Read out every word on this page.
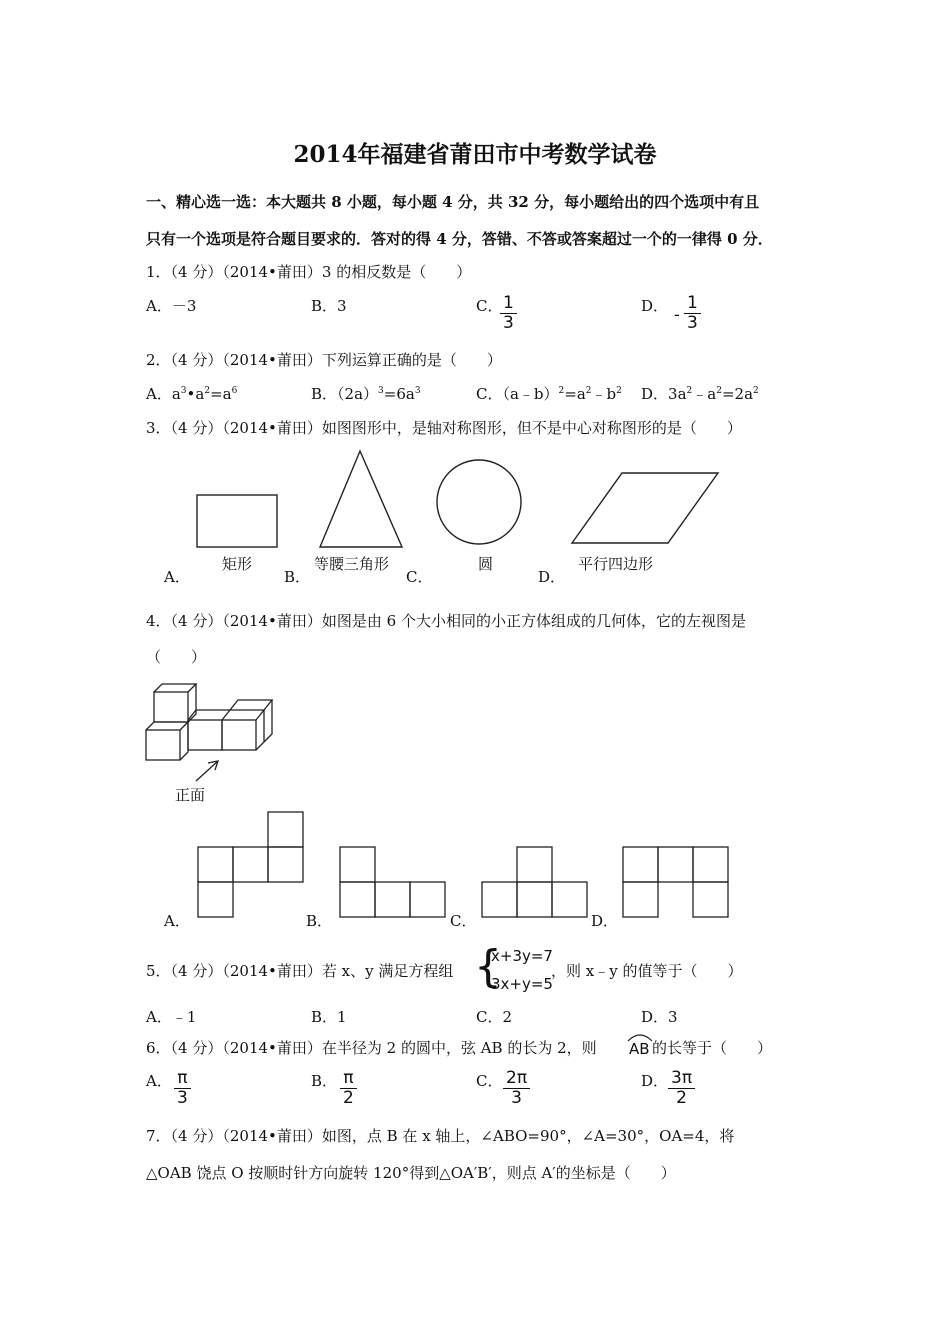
2014年福建省莆田市中考数学试卷
一、精心选一选：本大题共 8 小题，每小题 4 分，共 32 分，每小题给出的四个选项中有且
只有一个选项是符合题目要求的．答对的得 4 分，答错、不答或答案超过一个的一律得 0 分．
1．（4 分）（2014•莆田）3 的相反数是（　　）
A．－3	B．3	C． 1
3
D． -
1
3
2．（4 分）（2014•莆田）下列运算正确的是（　　）
A．$a^3•a^2=a^6$	B．$(2a)^3=6a^3$	C．$(a﹣b)^2=a^2﹣b^2$ D．$3a^2﹣a^2=2a^2$
3．（4 分）（2014•莆田）如图图形中，是轴对称图形，但不是中心对称图形的是（　　）
矩形	等腰三角形	圆	平行四边形
A．	B．	C．	D．
4．（4 分）（2014•莆田）如图是由 6 个大小相同的小正方体组成的几何体，它的左视图是
（　　）
正面
A．	B．	C．	D．
5．（4 分）（2014•莆田）若 x、y 满足方程组 {
x+3y=7
3x+y=5
，则 x﹣y 的值等于（　　）
A．﹣1	B．1	C．2	D．3
6．（4 分）（2014•莆田）在半径为 2 的圆中，弦 AB 的长为 2，则 AB 的长等于（　　）
A． π
3
B． π
2
C． 2π
3
D． 3π
2
7．（4 分）（2014•莆田）如图，点 B 在 x 轴上，∠ABO=90°，∠A=30°，OA=4，将
△OAB 饶点 O 按顺时针方向旋转 120°得到△OA′B′，则点 A′的坐标是（　　）
